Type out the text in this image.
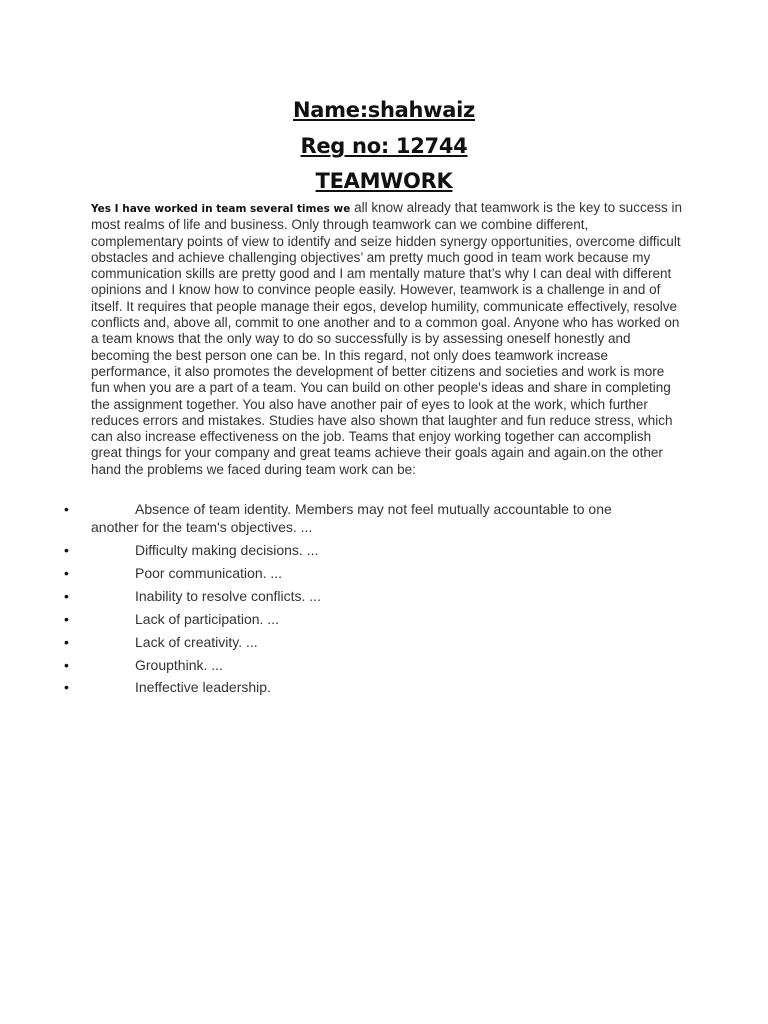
Name:shahwaiz
Reg no: 12744
TEAMWORK

Yes I have worked in team several times we all know already that teamwork is the key to success in most realms of life and business. Only through teamwork can we combine different, complementary points of view to identify and seize hidden synergy opportunities, overcome difficult obstacles and achieve challenging objectives’ am pretty much good in team work because my communication skills are pretty good and I am mentally mature that’s why I can deal with different opinions and I know how to convince people easily. However, teamwork is a challenge in and of itself. It requires that people manage their egos, develop humility, communicate effectively, resolve conflicts and, above all, commit to one another and to a common goal. Anyone who has worked on a team knows that the only way to do so successfully is by assessing oneself honestly and becoming the best person one can be. In this regard, not only does teamwork increase performance, it also promotes the development of better citizens and societies and work is more fun when you are a part of a team. You can build on other people's ideas and share in completing the assignment together. You also have another pair of eyes to look at the work, which further reduces errors and mistakes. Studies have also shown that laughter and fun reduce stress, which can also increase effectiveness on the job. Teams that enjoy working together can accomplish great things for your company and great teams achieve their goals again and again.on the other hand the problems we faced during team work can be:

•	Absence of team identity. Members may not feel mutually accountable to one another for the team's objectives. ...
•	Difficulty making decisions. ...
•	Poor communication. ...
•	Inability to resolve conflicts. ...
•	Lack of participation. ...
•	Lack of creativity. ...
•	Groupthink. ...
•	Ineffective leadership.
